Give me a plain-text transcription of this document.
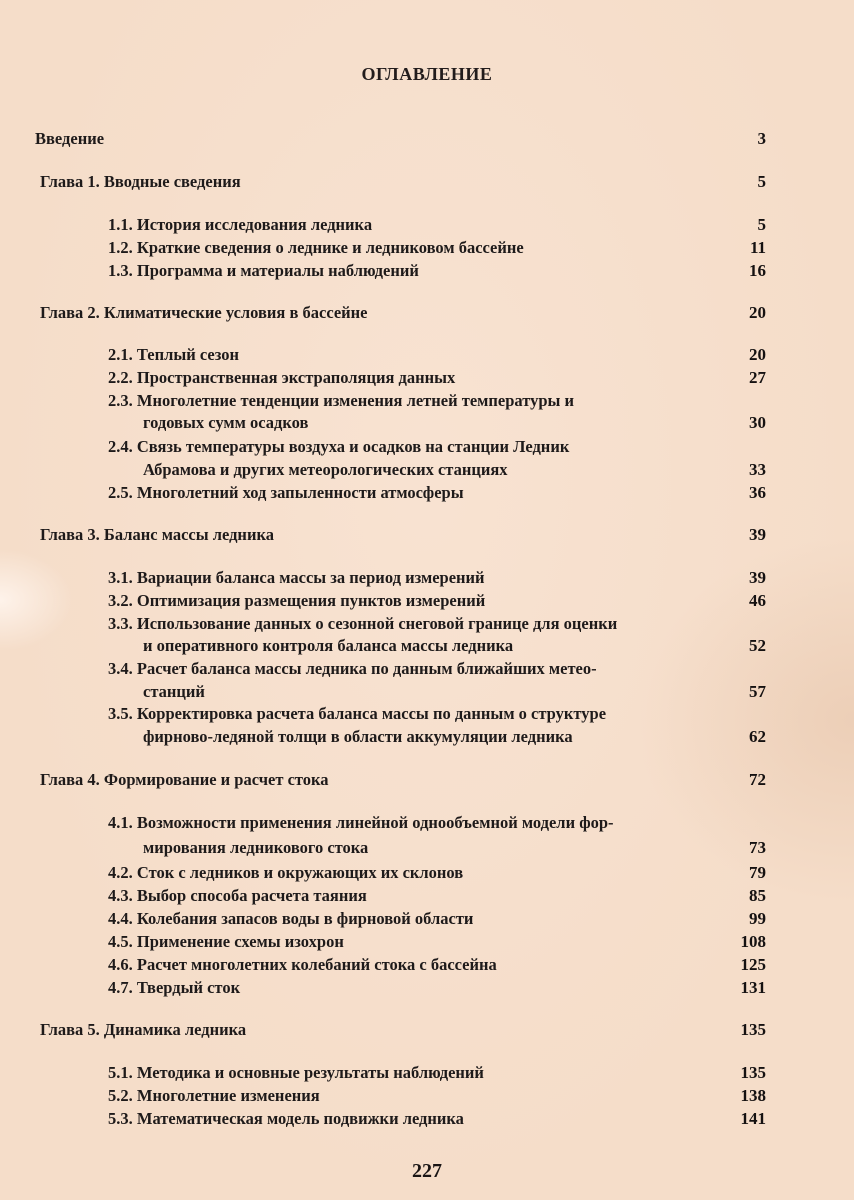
ОГЛАВЛЕНИЕ
Введение	3
Глава 1. Вводные сведения	5
1.1. История исследования ледника	5
1.2. Краткие сведения о леднике и ледниковом бассейне	11
1.3. Программа и материалы наблюдений	16
Глава 2. Климатические условия в бассейне	20
2.1. Теплый сезон	20
2.2. Пространственная экстраполяция данных	27
2.3. Многолетние тенденции изменения летней температуры и
годовых сумм осадков	30
2.4. Связь температуры воздуха и осадков на станции Ледник
Абрамова и других метеорологических станциях	33
2.5. Многолетний ход запыленности атмосферы	36
Глава 3. Баланс массы ледника	39
3.1. Вариации баланса массы за период измерений	39
3.2. Оптимизация размещения пунктов измерений	46
3.3. Использование данных о сезонной снеговой границе для оценки
и оперативного контроля баланса массы ледника	52
3.4. Расчет баланса массы ледника по данным ближайших метео-
станций	57
3.5. Корректировка расчета баланса массы по данным о структуре
фирново-ледяной толщи в области аккумуляции ледника	62
Глава 4. Формирование и расчет стока	72
4.1. Возможности применения линейной однообъемной модели фор-
мирования ледникового стока	73
4.2. Сток с ледников и окружающих их склонов	79
4.3. Выбор способа расчета таяния	85
4.4. Колебания запасов воды в фирновой области	99
4.5. Применение схемы изохрон	108
4.6. Расчет многолетних колебаний стока с бассейна	125
4.7. Твердый сток	131
Глава 5. Динамика ледника	135
5.1. Методика и основные результаты наблюдений	135
5.2. Многолетние изменения	138
5.3. Математическая модель подвижки ледника	141
227
